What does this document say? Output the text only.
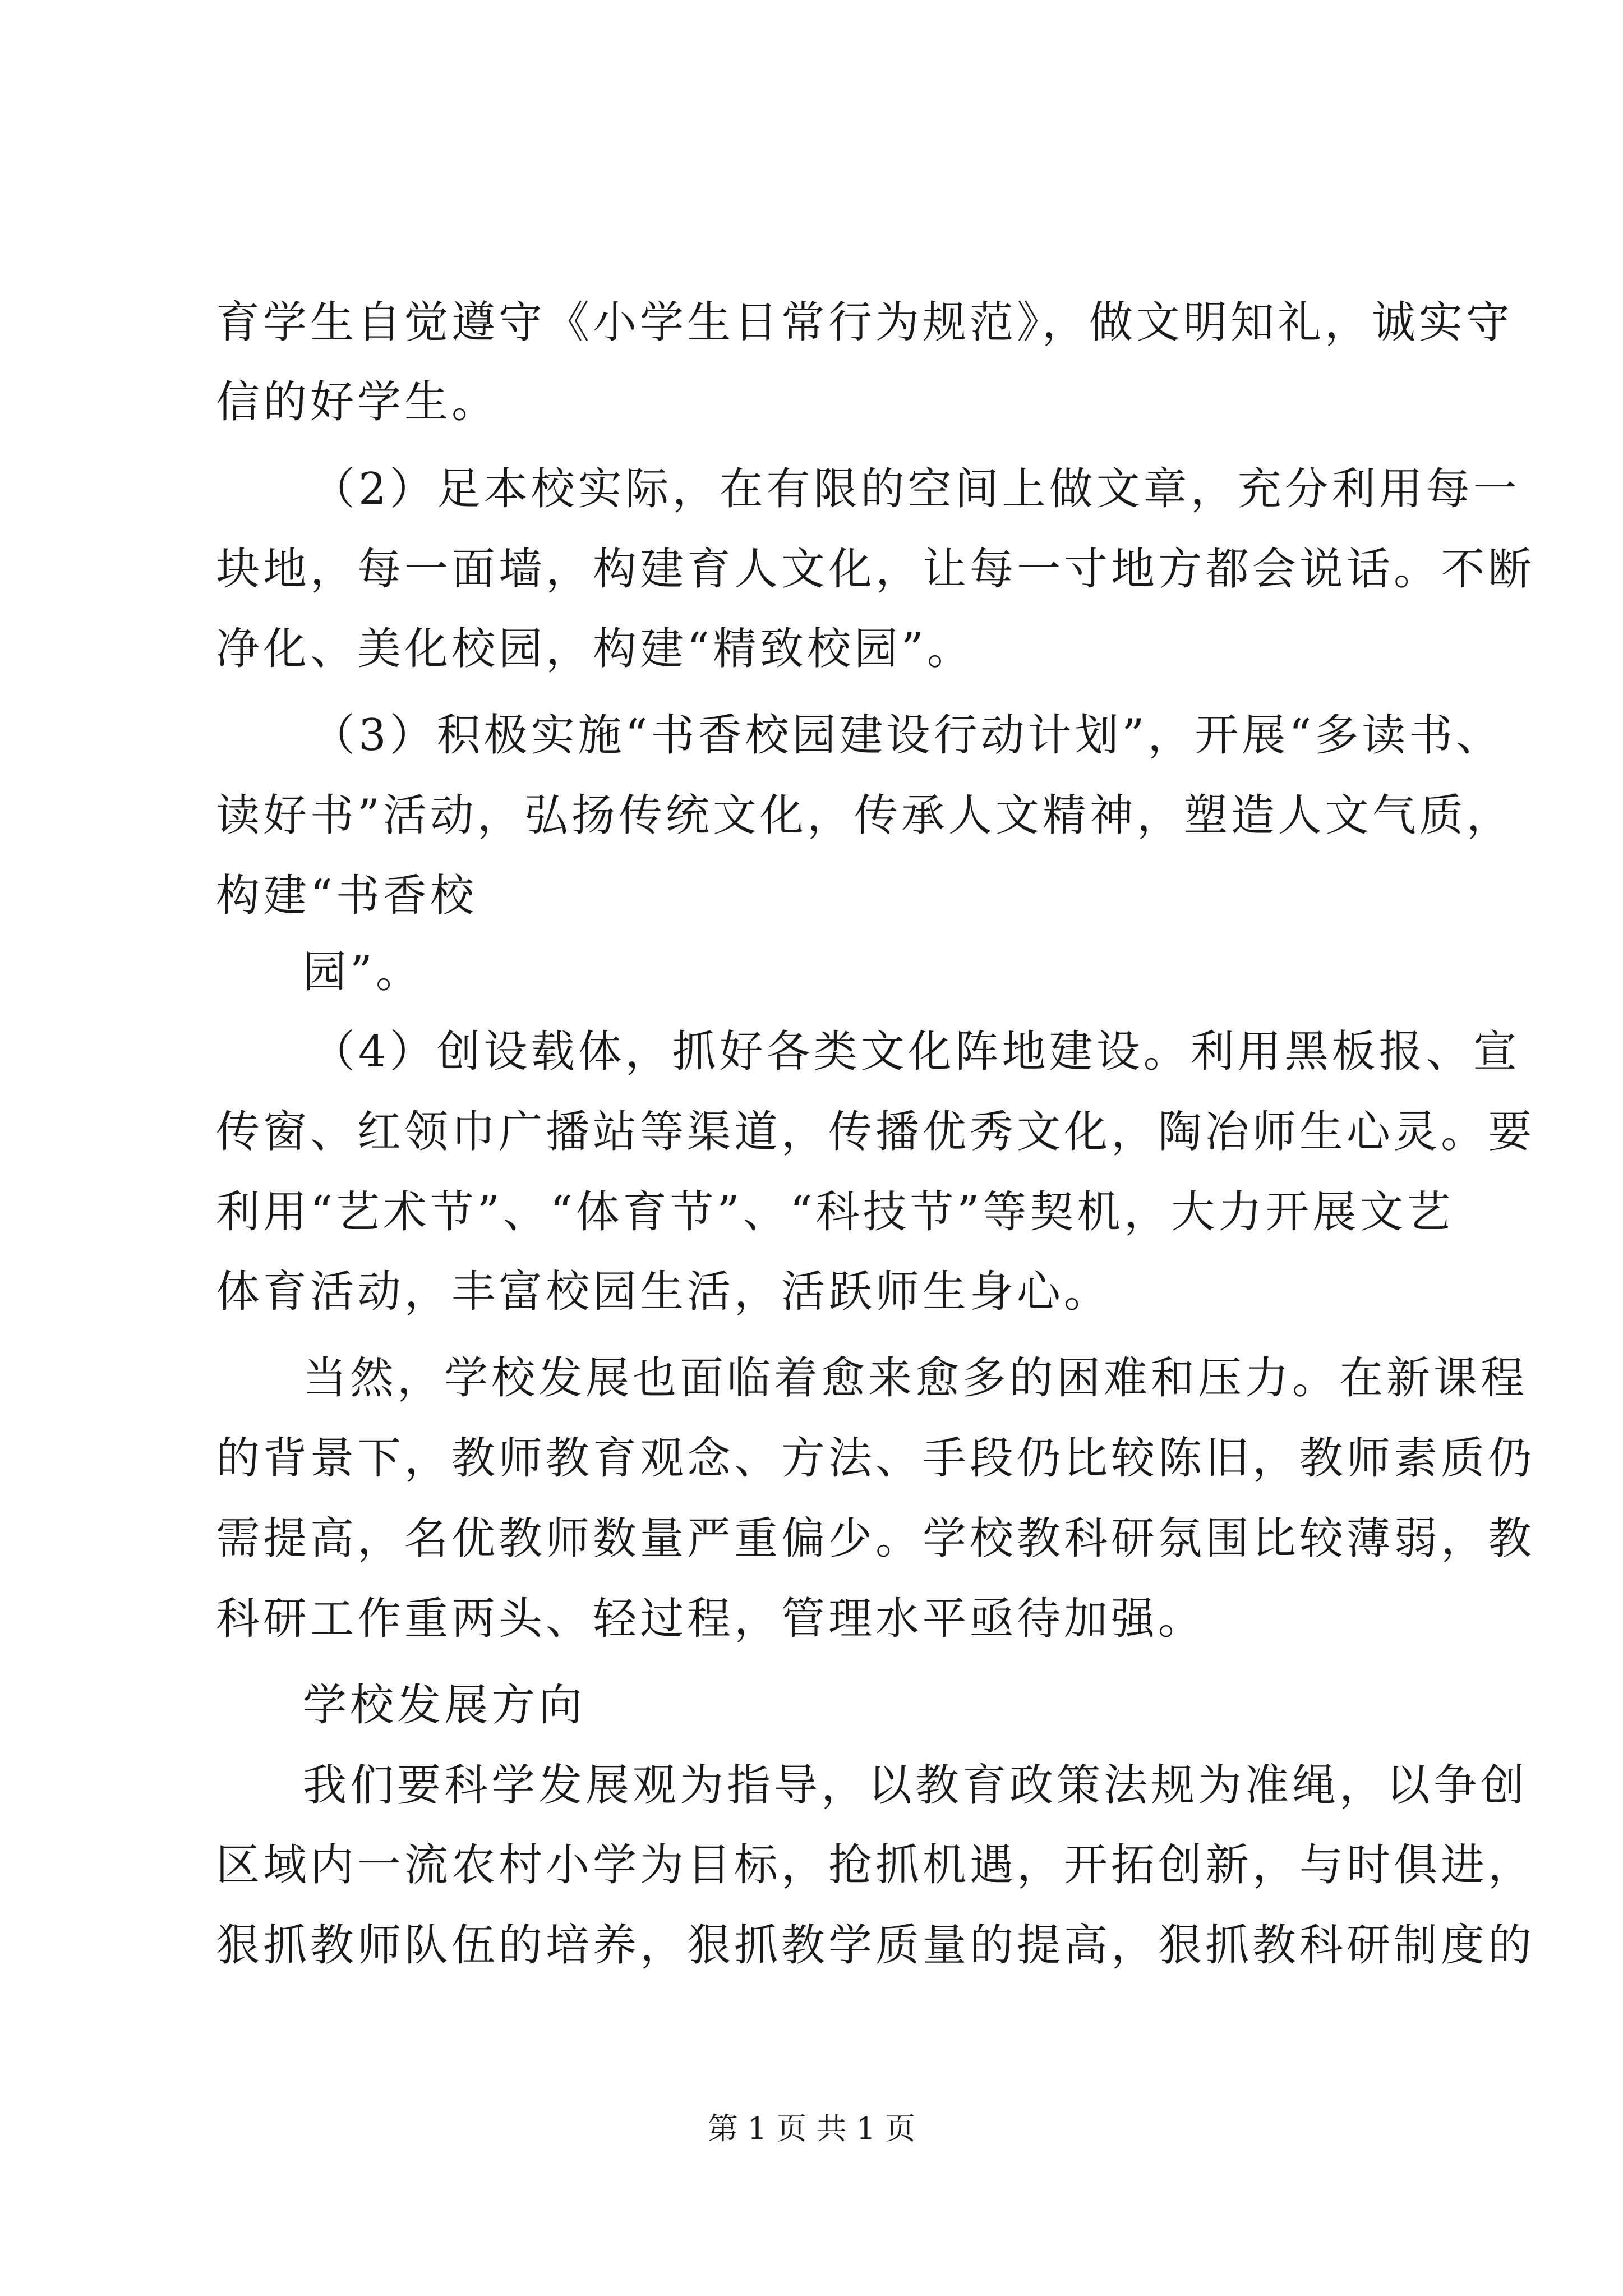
育学生自觉遵守《小学生日常行为规范》，做文明知礼，诚实守
信的好学生。
（2）足本校实际，在有限的空间上做文章，充分利用每一
块地，每一面墙，构建育人文化，让每一寸地方都会说话。不断
净化、美化校园，构建“精致校园”。
（3）积极实施“书香校园建设行动计划”，开展“多读书、
读好书”活动，弘扬传统文化，传承人文精神，塑造人文气质，
构建“书香校
园”。
（4）创设载体，抓好各类文化阵地建设。利用黑板报、宣
传窗、红领巾广播站等渠道，传播优秀文化，陶冶师生心灵。要
利用“艺术节”、“体育节”、“科技节”等契机，大力开展文艺
体育活动，丰富校园生活，活跃师生身心。
当然，学校发展也面临着愈来愈多的困难和压力。在新课程
的背景下，教师教育观念、方法、手段仍比较陈旧，教师素质仍
需提高，名优教师数量严重偏少。学校教科研氛围比较薄弱，教
科研工作重两头、轻过程，管理水平亟待加强。
学校发展方向
我们要科学发展观为指导，以教育政策法规为准绳，以争创
区域内一流农村小学为目标，抢抓机遇，开拓创新，与时俱进，
狠抓教师队伍的培养，狠抓教学质量的提高，狠抓教科研制度的
第 1 页 共 1 页
